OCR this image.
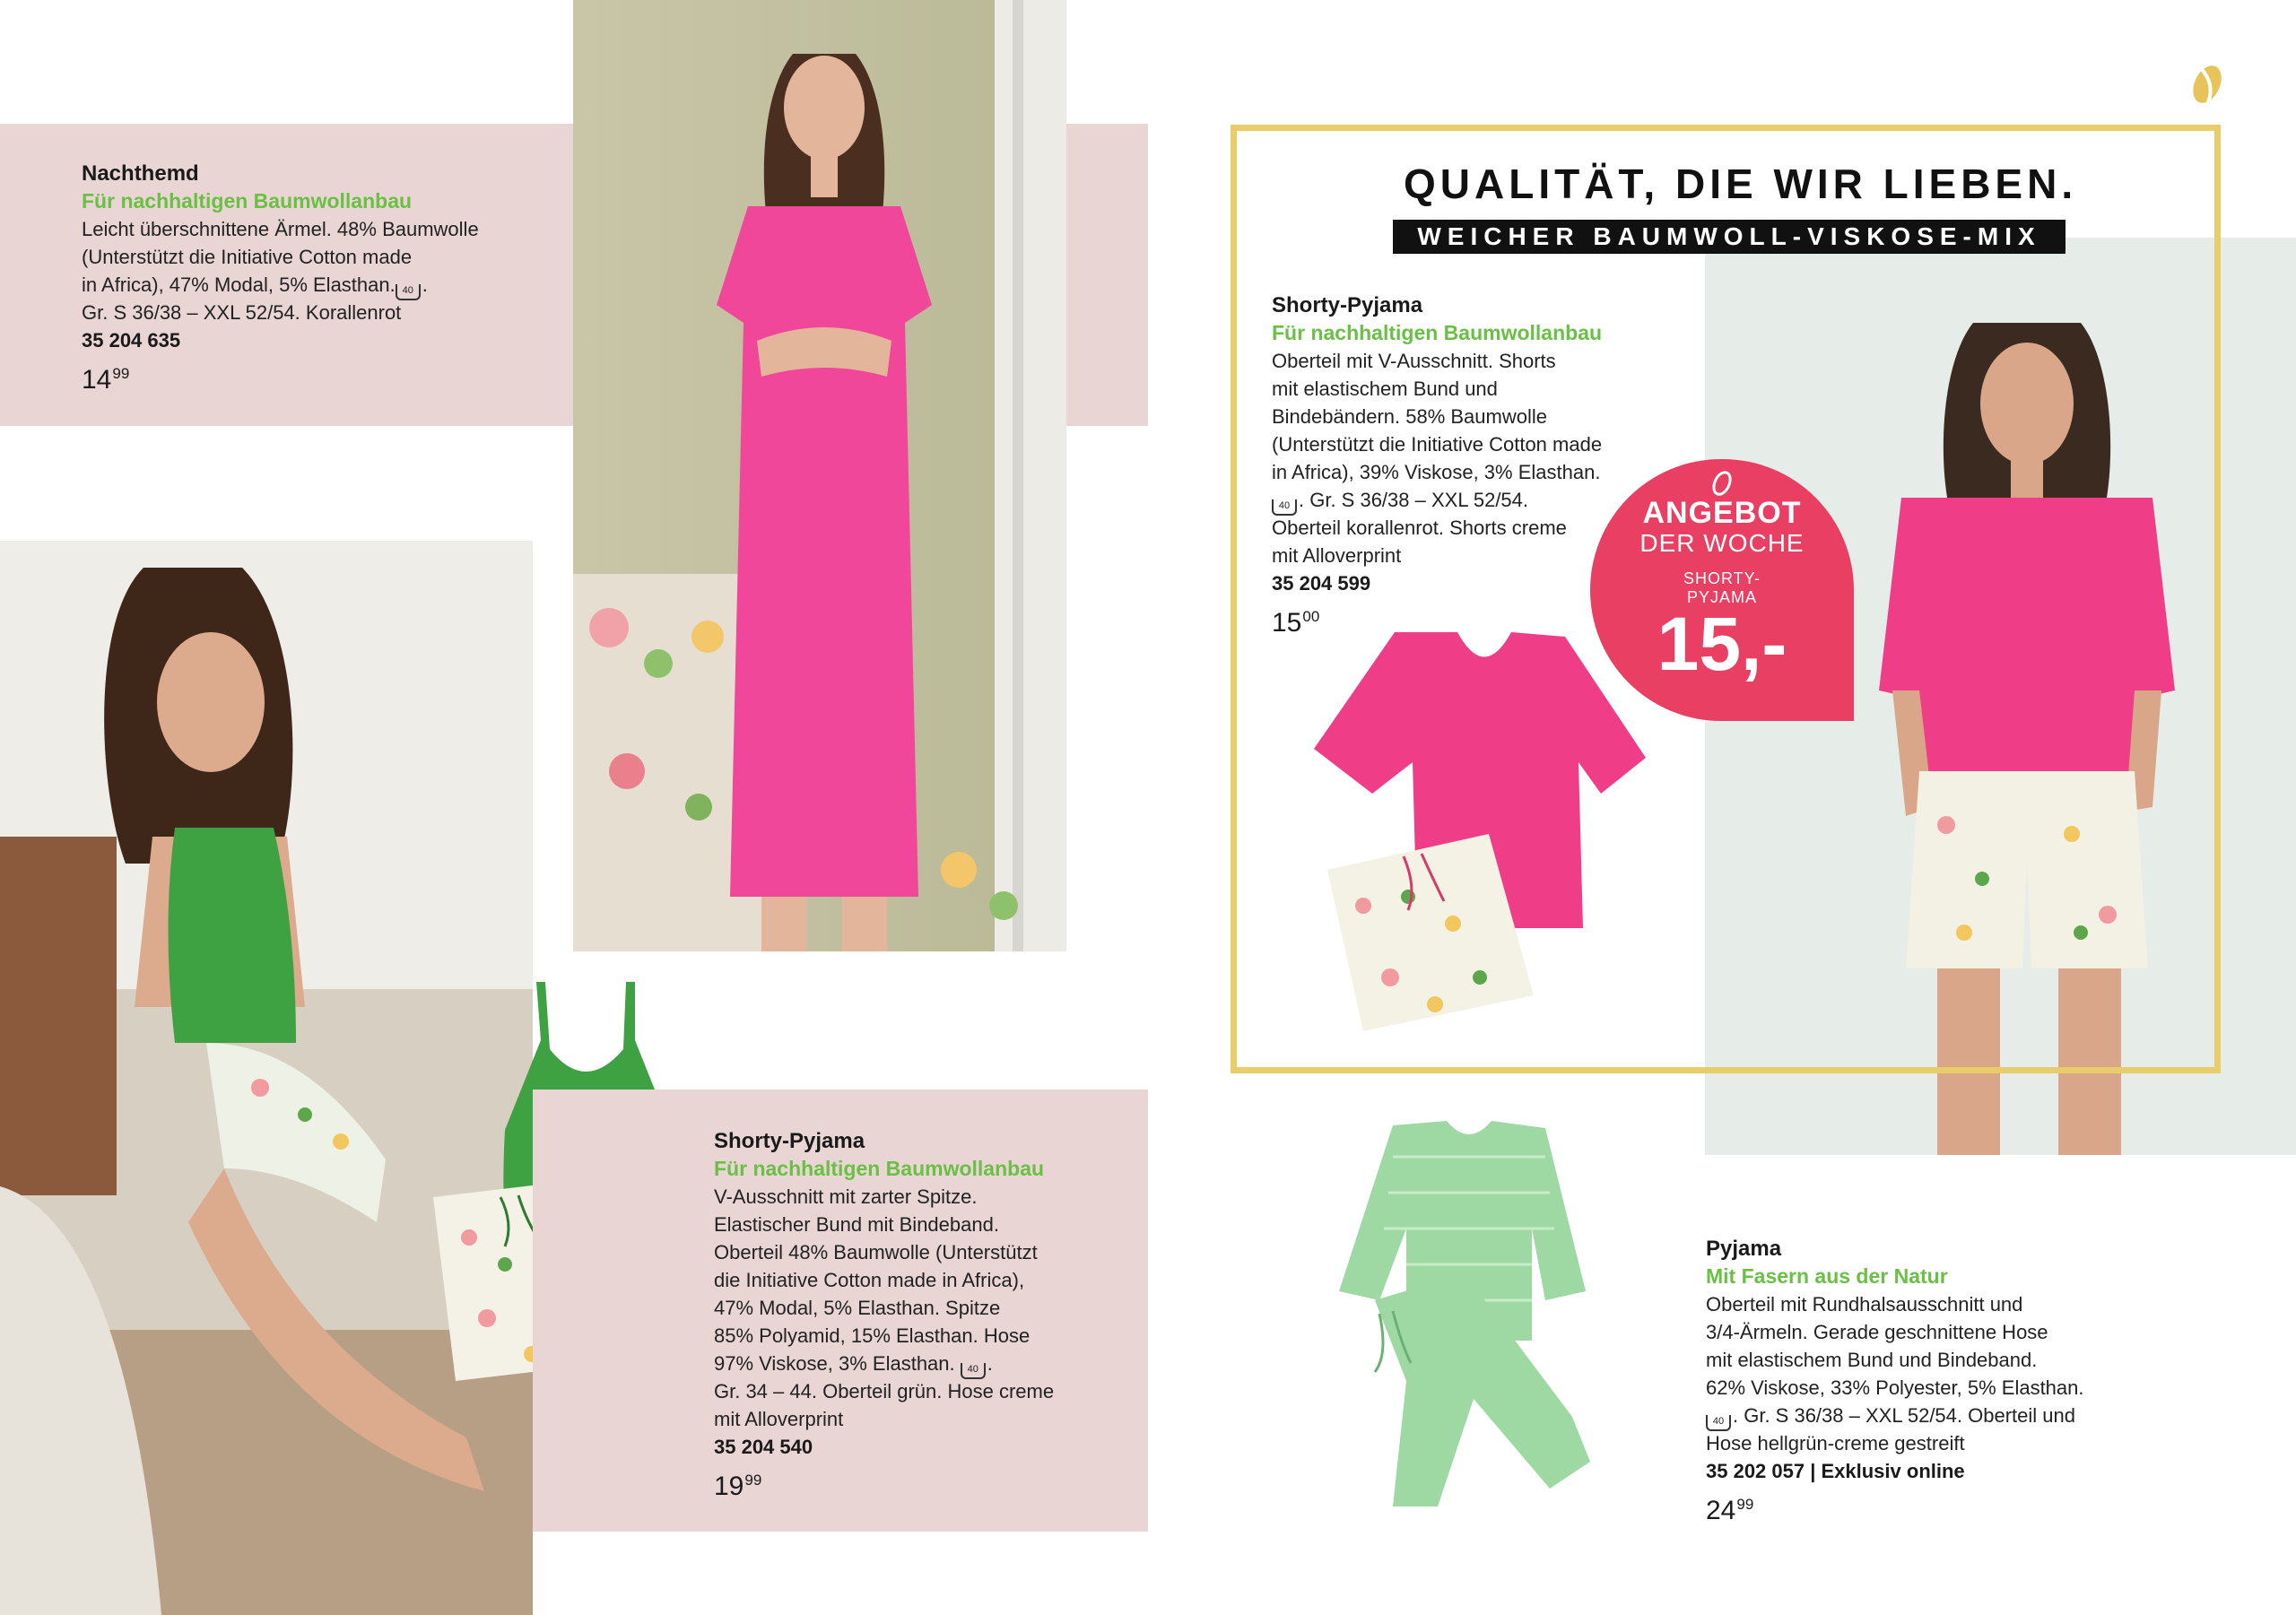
Nachthemd
Für nachhaltigen Baumwollanbau
Leicht überschnittene Ärmel. 48% Baumwolle
(Unterstützt die Initiative Cotton made
in Africa), 47% Modal, 5% Elasthan. 40 .
Gr. S 36/38 – XXL 52/54. Korallenrot
35 204 635
$14^{99}$
Shorty-Pyjama
Für nachhaltigen Baumwollanbau
V-Ausschnitt mit zarter Spitze.
Elastischer Bund mit Bindeband.
Oberteil 48% Baumwolle (Unterstützt
die Initiative Cotton made in Africa),
47% Modal, 5% Elasthan. Spitze
85% Polyamid, 15% Elasthan. Hose
97% Viskose, 3% Elasthan. 40 .
Gr. 34 – 44. Oberteil grün. Hose creme
mit Alloverprint
35 204 540
$19^{99}$
QUALITÄT, DIE WIR LIEBEN.
WEICHER BAUMWOLL-VISKOSE-MIX
Shorty-Pyjama
Für nachhaltigen Baumwollanbau
Oberteil mit V-Ausschnitt. Shorts
mit elastischem Bund und
Bindebändern. 58% Baumwolle
(Unterstützt die Initiative Cotton made
in Africa), 39% Viskose, 3% Elasthan.
40 . Gr. S 36/38 – XXL 52/54.
Oberteil korallenrot. Shorts creme
mit Alloverprint
35 204 599
$15^{00}$
ANGEBOT
DER WOCHE
SHORTY-
PYJAMA
15,-
Pyjama
Mit Fasern aus der Natur
Oberteil mit Rundhalsausschnitt und
3/4-Ärmeln. Gerade geschnittene Hose
mit elastischem Bund und Bindeband.
62% Viskose, 33% Polyester, 5% Elasthan.
40 . Gr. S 36/38 – XXL 52/54. Oberteil und
Hose hellgrün-creme gestreift
35 202 057 | Exklusiv online
$24^{99}$
